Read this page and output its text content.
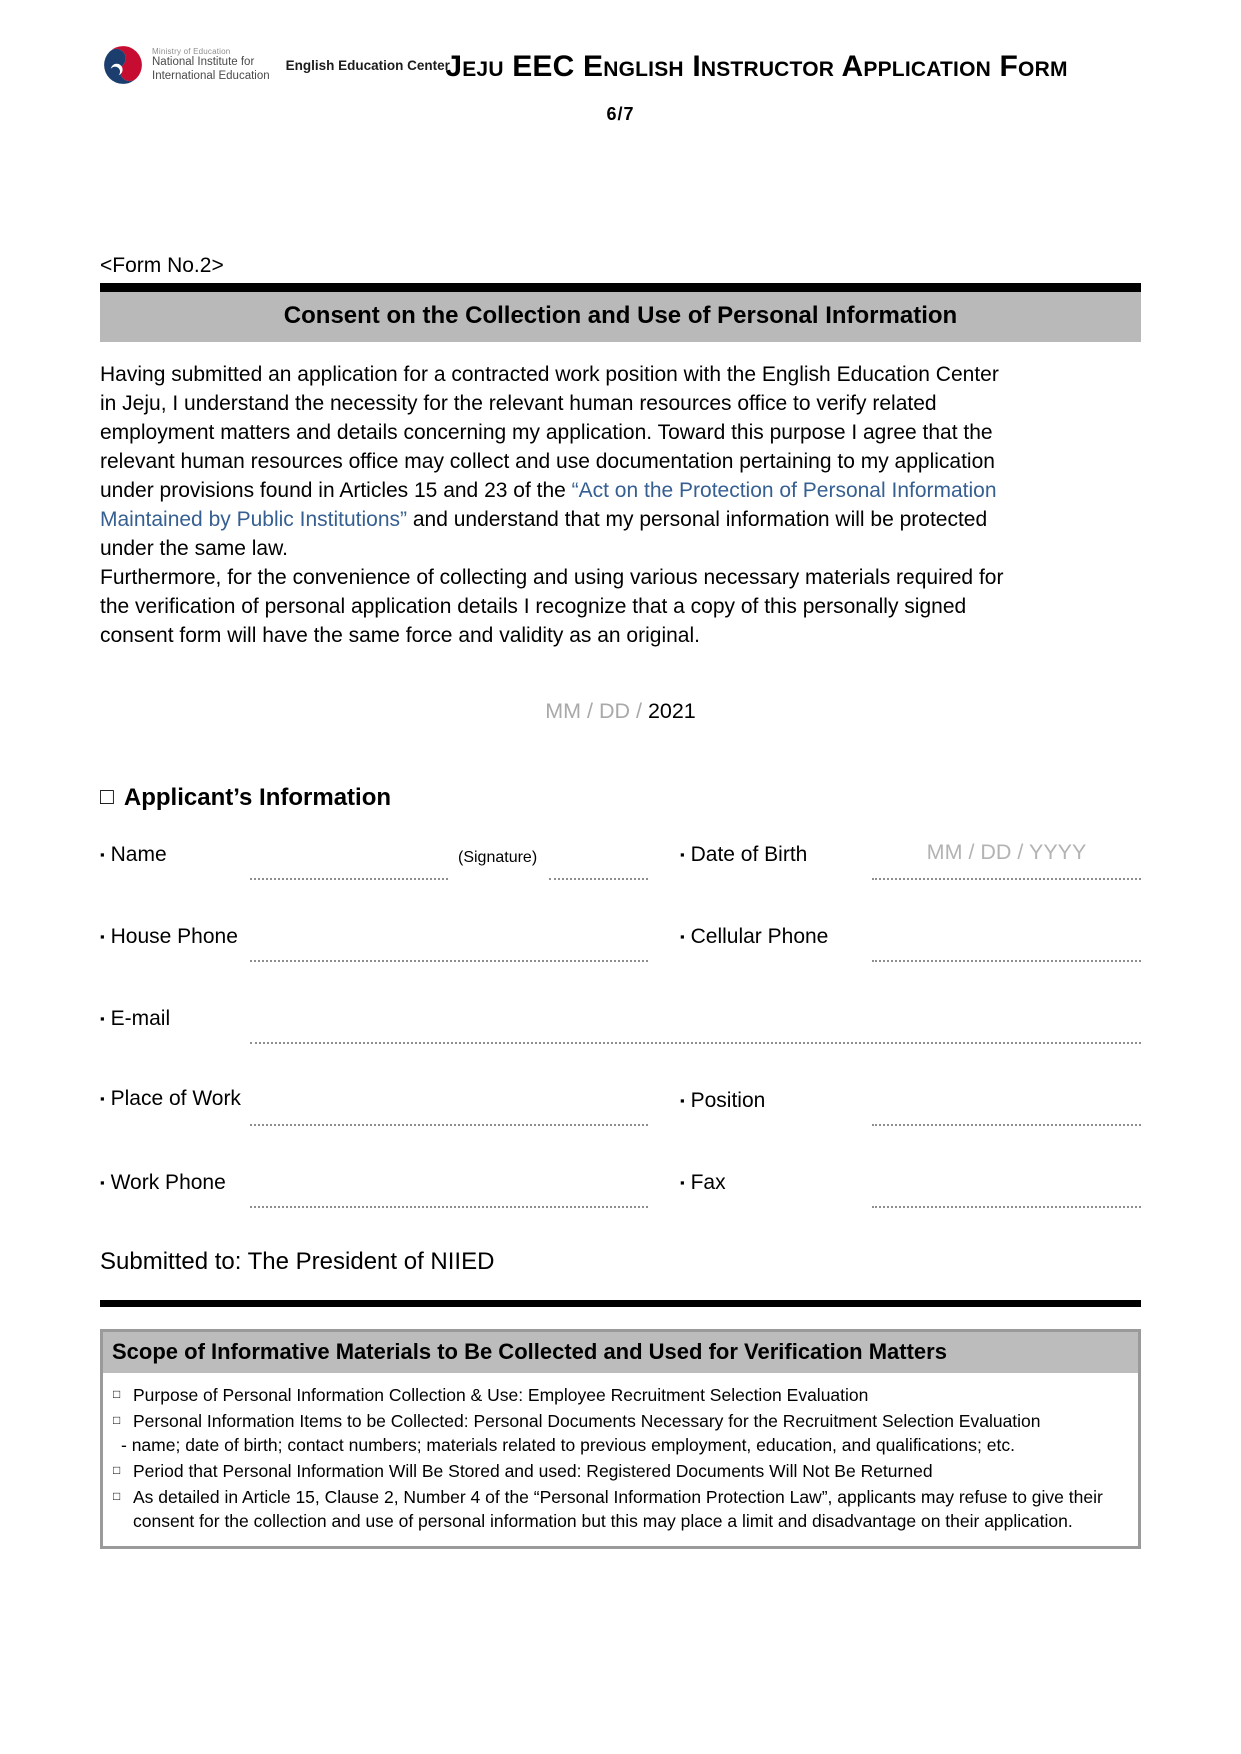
Ministry of Education
National Institute for
International Education
English Education Center
Jeju EEC English Instructor Application Form
6/7
<Form No.2>
Consent on the Collection and Use of Personal Information

Having submitted an application for a contracted work position with the English Education Center in Jeju, I understand the necessity for the relevant human resources office to verify related employment matters and details concerning my application. Toward this purpose I agree that the relevant human resources office may collect and use documentation pertaining to my application under provisions found in Articles 15 and 23 of the “Act on the Protection of Personal Information Maintained by Public Institutions” and understand that my personal information will be protected under the same law.

Furthermore, for the convenience of collecting and using various necessary materials required for the verification of personal application details I recognize that a copy of this personally signed consent form will have the same force and validity as an original.

MM / DD / 2021
□ Applicant’s Information
▪ Name	(Signature)	▪ Date of Birth	MM / DD / YYYY
▪ House Phone	▪ Cellular Phone
▪ E-mail
▪ Place of Work	▪ Position
▪ Work Phone	▪ Fax
Submitted to: The President of NIIED
Scope of Informative Materials to Be Collected and Used for Verification Matters
□ Purpose of Personal Information Collection & Use: Employee Recruitment Selection Evaluation
□ Personal Information Items to be Collected: Personal Documents Necessary for the Recruitment Selection Evaluation
- name; date of birth; contact numbers; materials related to previous employment, education, and qualifications; etc.
□ Period that Personal Information Will Be Stored and used: Registered Documents Will Not Be Returned
□ As detailed in Article 15, Clause 2, Number 4 of the “Personal Information Protection Law”, applicants may refuse to give their consent for the collection and use of personal information but this may place a limit and disadvantage on their application.
